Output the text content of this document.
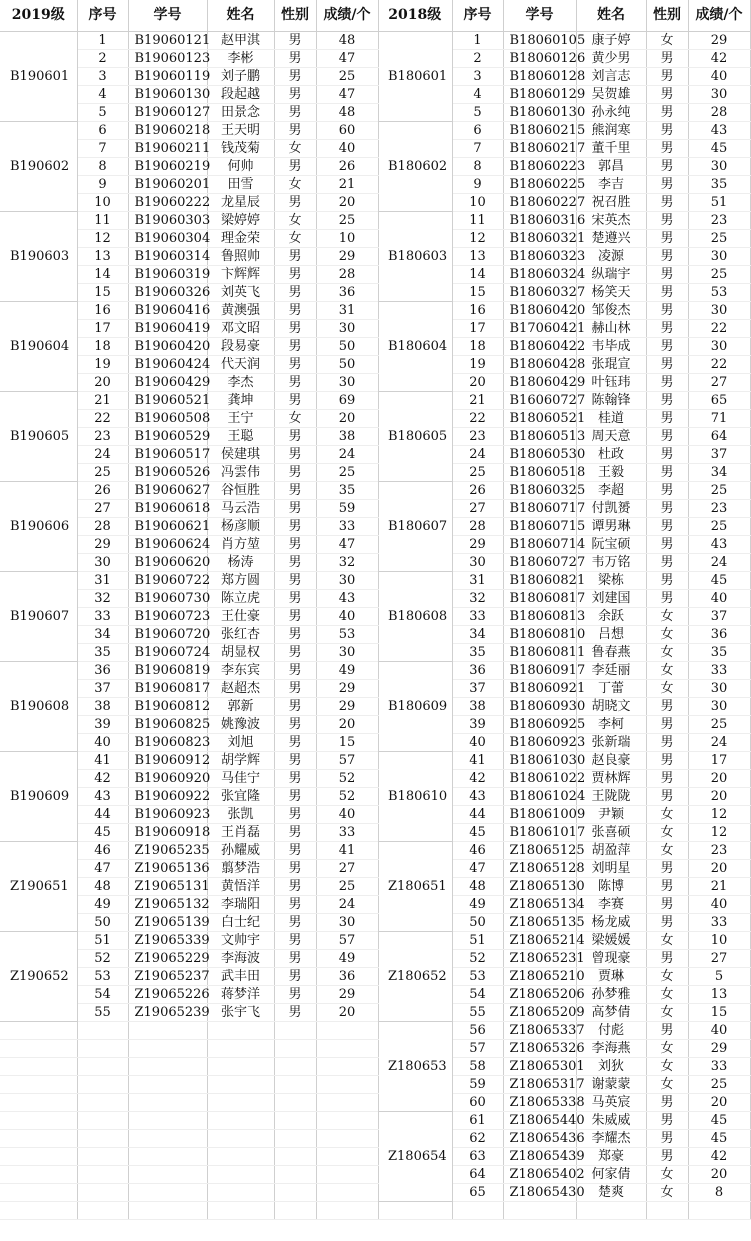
2019级	序号	学号	姓名	性别	成绩/个
B190601	1	B19060121	赵甲淇	男	48
	2	B19060123	李彬	男	47
	3	B19060119	刘子鹏	男	25
	4	B19060130	段起越	男	47
	5	B19060127	田景念	男	48
B190602	6	B19060218	王天明	男	60
	7	B19060211	钱茂菊	女	40
	8	B19060219	何帅	男	26
	9	B19060201	田雪	女	21
	10	B19060222	龙星辰	男	20
B190603	11	B19060303	梁婷婷	女	25
	12	B19060304	理金荣	女	10
	13	B19060314	鲁照帅	男	29
	14	B19060319	卞辉辉	男	28
	15	B19060326	刘英飞	男	36
B190604	16	B19060416	黄澳强	男	31
	17	B19060419	邓文昭	男	30
	18	B19060420	段易豪	男	50
	19	B19060424	代天润	男	50
	20	B19060429	李杰	男	30
B190605	21	B19060521	龚坤	男	69
	22	B19060508	王宁	女	20
	23	B19060529	王聪	男	38
	24	B19060517	侯建琪	男	24
	25	B19060526	冯雲伟	男	25
B190606	26	B19060627	谷恒胜	男	35
	27	B19060618	马云浩	男	59
	28	B19060621	杨彦顺	男	33
	29	B19060624	肖方堃	男	47
	30	B19060620	杨涛	男	32
B190607	31	B19060722	郑方圆	男	30
	32	B19060730	陈立虎	男	43
	33	B19060723	王仕豪	男	40
	34	B19060720	张红杏	男	53
	35	B19060724	胡显权	男	30
B190608	36	B19060819	李东宾	男	49
	37	B19060817	赵超杰	男	29
	38	B19060812	郭新	男	29
	39	B19060825	姚豫波	男	20
	40	B19060823	刘旭	男	15
B190609	41	B19060912	胡学辉	男	57
	42	B19060920	马佳宁	男	52
	43	B19060922	张宜隆	男	52
	44	B19060923	张凯	男	40
	45	B19060918	王肖磊	男	33
Z190651	46	Z19065235	孙耀威	男	41
	47	Z19065136	翦梦浩	男	27
	48	Z19065131	黄悟洋	男	25
	49	Z19065132	李瑞阳	男	24
	50	Z19065139	白士纪	男	30
Z190652	51	Z19065339	文帅宇	男	57
	52	Z19065229	李海波	男	49
	53	Z19065237	武丰田	男	36
	54	Z19065226	蒋梦洋	男	29
	55	Z19065239	张宇飞	男	20

2018级	序号	学号	姓名	性别	成绩/个
B180601	1	B18060105	康子婷	女	29
	2	B18060126	黄少男	男	42
	3	B18060128	刘言志	男	40
	4	B18060129	吴贺雄	男	30
	5	B18060130	孙永纯	男	28
B180602	6	B18060215	熊润寒	男	43
	7	B18060217	董千里	男	45
	8	B18060223	郭昌	男	30
	9	B18060225	李吉	男	35
	10	B18060227	祝召胜	男	51
B180603	11	B18060316	宋英杰	男	23
	12	B18060321	楚遵兴	男	25
	13	B18060323	凌源	男	30
	14	B18060324	纵瑞宇	男	25
	15	B18060327	杨笑天	男	53
B180604	16	B18060420	邹俊杰	男	30
	17	B17060421	赫山林	男	22
	18	B18060422	韦毕成	男	30
	19	B18060428	张琨宣	男	22
	20	B18060429	叶钰玮	男	27
B180605	21	B16060727	陈翰锋	男	65
	22	B18060521	桂道	男	71
	23	B18060513	周天意	男	64
	24	B18060530	杜政	男	37
	25	B18060518	王毅	男	34
B180607	26	B18060325	李超	男	25
	27	B18060717	付凯赟	男	23
	28	B18060715	谭男琳	男	25
	29	B18060714	阮宝硕	男	43
	30	B18060727	韦万铭	男	24
B180608	31	B18060821	梁栋	男	45
	32	B18060817	刘建国	男	40
	33	B18060813	余跃	女	37
	34	B18060810	吕想	女	36
	35	B18060811	鲁春燕	女	35
B180609	36	B18060917	李廷丽	女	33
	37	B18060921	丁蕾	女	30
	38	B18060930	胡晓文	男	30
	39	B18060925	李柯	男	25
	40	B18060923	张新瑞	男	24
B180610	41	B18061030	赵良豪	男	17
	42	B18061022	贾林辉	男	20
	43	B18061024	王陇陇	男	20
	44	B18061009	尹颖	女	12
	45	B18061017	张喜硕	女	12
Z180651	46	Z18065125	胡盈萍	女	23
	47	Z18065128	刘明星	男	20
	48	Z18065130	陈博	男	21
	49	Z18065134	李赛	男	40
	50	Z18065135	杨龙威	男	33
Z180652	51	Z18065214	梁媛媛	女	10
	52	Z18065231	曾现豪	男	27
	53	Z18065210	贾琳	女	5
	54	Z18065206	孙梦雅	女	13
	55	Z18065209	高梦倩	女	15
Z180653	56	Z18065337	付彪	男	40
	57	Z18065326	李海燕	女	29
	58	Z18065301	刘狄	女	33
	59	Z18065317	谢蒙蒙	女	25
	60	Z18065338	马英宸	男	20
Z180654	61	Z18065440	朱威威	男	45
	62	Z18065436	李耀杰	男	45
	63	Z18065439	郑豪	男	42
	64	Z18065402	何家倩	女	20
	65	Z18065430	楚爽	女	8
